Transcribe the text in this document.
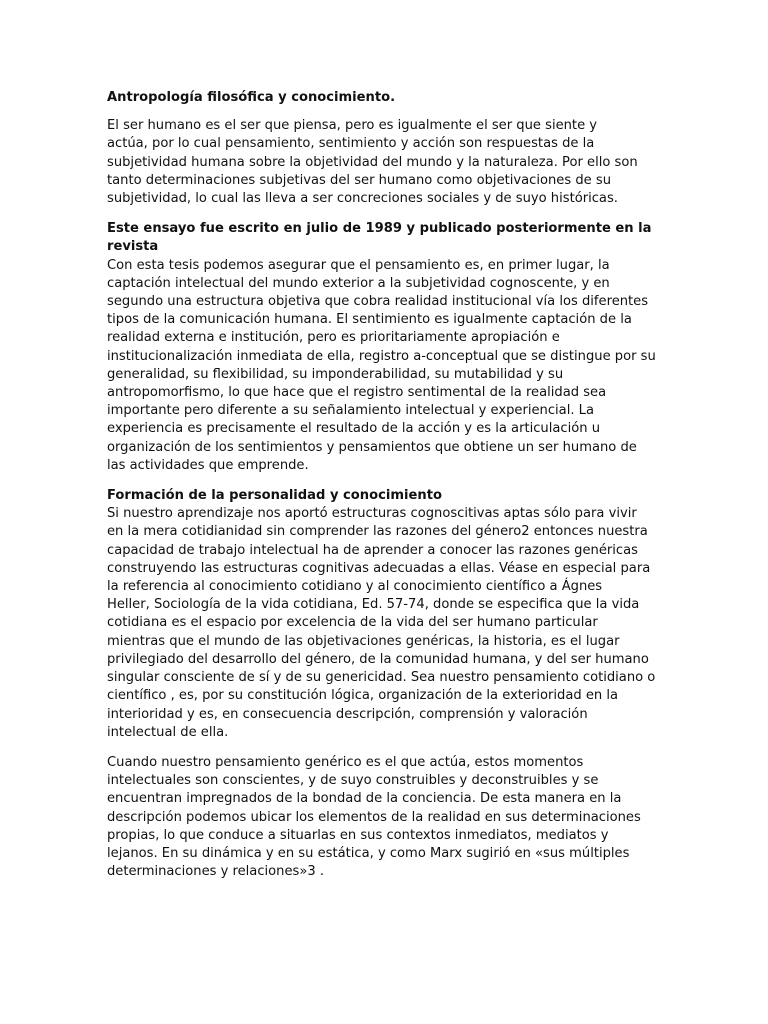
Antropología filosófica y conocimiento.

El ser humano es el ser que piensa, pero es igualmente el ser que siente y
actúa, por lo cual pensamiento, sentimiento y acción son respuestas de la
subjetividad humana sobre la objetividad del mundo y la naturaleza. Por ello son
tanto determinaciones subjetivas del ser humano como objetivaciones de su
subjetividad, lo cual las lleva a ser concreciones sociales y de suyo históricas.

Este ensayo fue escrito en julio de 1989 y publicado posteriormente en la
revista

Con esta tesis podemos asegurar que el pensamiento es, en primer lugar, la
captación intelectual del mundo exterior a la subjetividad cognoscente, y en
segundo una estructura objetiva que cobra realidad institucional vía los diferentes
tipos de la comunicación humana. El sentimiento es igualmente captación de la
realidad externa e institución, pero es prioritariamente apropiación e
institucionalización inmediata de ella, registro a-conceptual que se distingue por su
generalidad, su flexibilidad, su imponderabilidad, su mutabilidad y su
antropomorfismo, lo que hace que el registro sentimental de la realidad sea
importante pero diferente a su señalamiento intelectual y experiencial. La
experiencia es precisamente el resultado de la acción y es la articulación u
organización de los sentimientos y pensamientos que obtiene un ser humano de
las actividades que emprende.

Formación de la personalidad y conocimiento

Si nuestro aprendizaje nos aportó estructuras cognoscitivas aptas sólo para vivir
en la mera cotidianidad sin comprender las razones del género2 entonces nuestra
capacidad de trabajo intelectual ha de aprender a conocer las razones genéricas
construyendo las estructuras cognitivas adecuadas a ellas. Véase en especial para
la referencia al conocimiento cotidiano y al conocimiento científico a Ágnes
Heller, Sociología de la vida cotidiana, Ed. 57-74, donde se especifica que la vida
cotidiana es el espacio por excelencia de la vida del ser humano particular
mientras que el mundo de las objetivaciones genéricas, la historia, es el lugar
privilegiado del desarrollo del género, de la comunidad humana, y del ser humano
singular consciente de sí y de su genericidad. Sea nuestro pensamiento cotidiano o
científico , es, por su constitución lógica, organización de la exterioridad en la
interioridad y es, en consecuencia descripción, comprensión y valoración
intelectual de ella.

Cuando nuestro pensamiento genérico es el que actúa, estos momentos
intelectuales son conscientes, y de suyo construibles y deconstruibles y se
encuentran impregnados de la bondad de la conciencia. De esta manera en la
descripción podemos ubicar los elementos de la realidad en sus determinaciones
propias, lo que conduce a situarlas en sus contextos inmediatos, mediatos y
lejanos. En su dinámica y en su estática, y como Marx sugirió en «sus múltiples
determinaciones y relaciones»3 .
